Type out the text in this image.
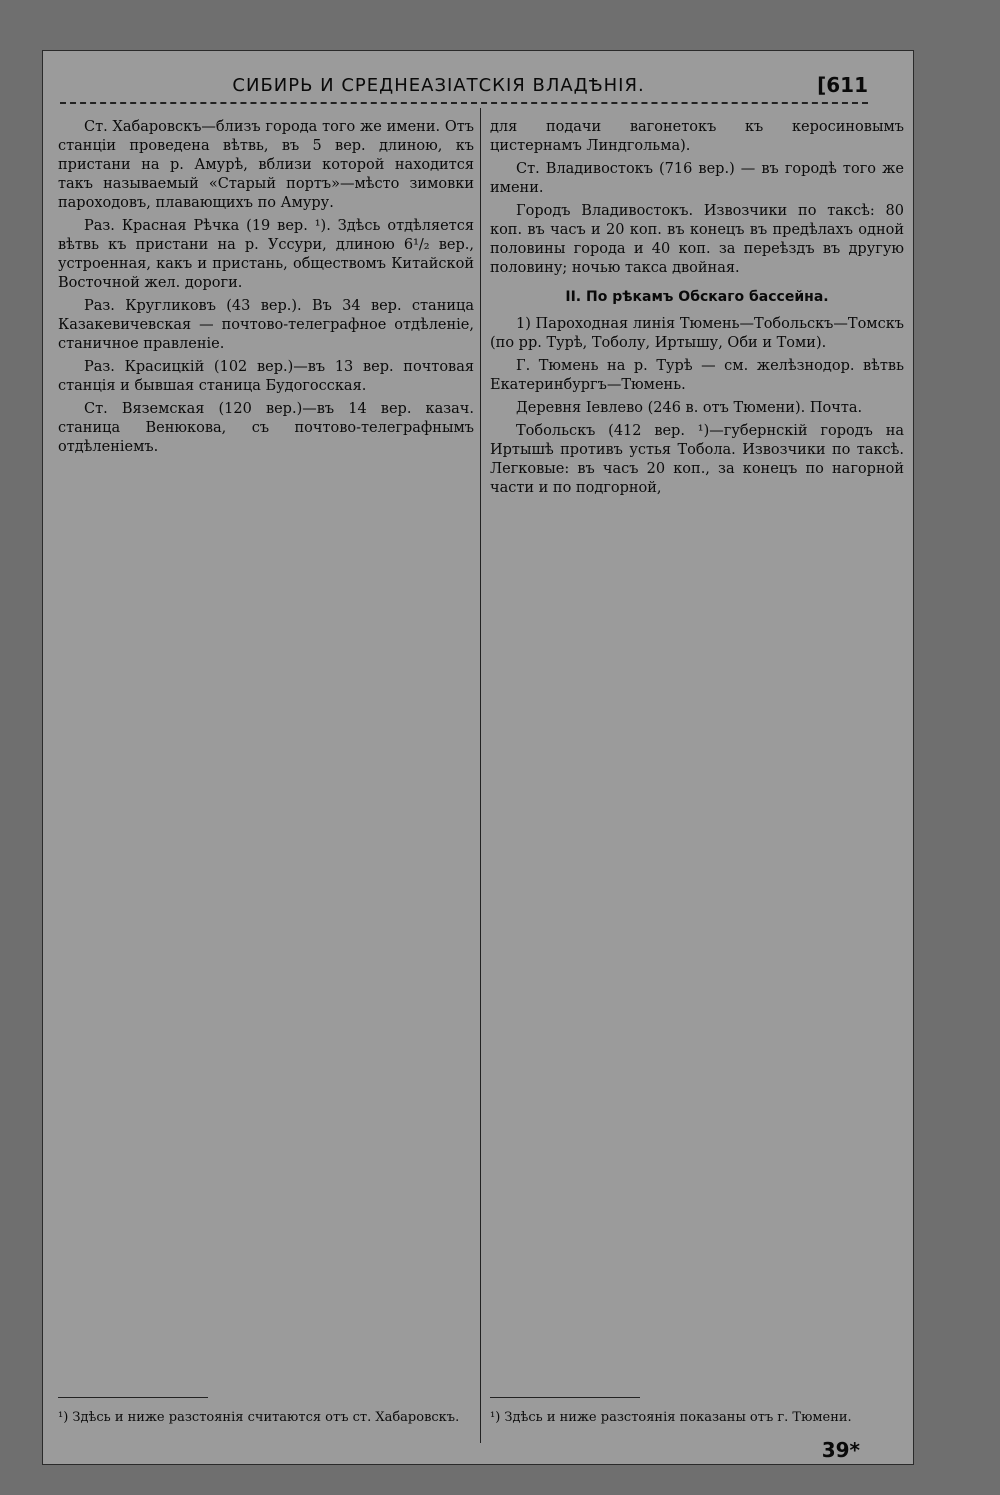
СИБИРЬ И СРЕДНЕАЗІАТСКІЯ ВЛАДѢНІЯ.	[611

Ст. Хабаровскъ—близъ города того же имени. Отъ станціи проведена вѣтвь, въ 5 вер. длиною, къ пристани на р. Амурѣ, вблизи которой находится такъ называемый «Старый портъ»—мѣсто зимовки пароходовъ, плавающихъ по Амуру.

Раз. Красная Рѣчка (19 вер. ¹). Здѣсь отдѣляется вѣтвь къ пристани на р. Уссури, длиною 6¹/₂ вер., устроенная, какъ и пристань, обществомъ Китайской Восточной жел. дороги.

Раз. Кругликовъ (43 вер.). Въ 34 вер. станица Казакевичевская — почтово-телеграфное отдѣленіе, станичное правленіе.

Раз. Красицкій (102 вер.)—въ 13 вер. почтовая станція и бывшая станица Будогосская.

Ст. Вяземская (120 вер.)—въ 14 вер. казач. станица Венюкова, съ почтово-телеграфнымъ отдѣленіемъ.

для подачи вагонетокъ къ керосиновымъ цистернамъ Линдгольма).

Ст. Владивостокъ (716 вер.) — въ городѣ того же имени.

Городъ Владивостокъ. Извозчики по таксѣ: 80 коп. въ часъ и 20 коп. въ конецъ въ предѣлахъ одной половины города и 40 коп. за переѣздъ въ другую половину; ночью такса двойная.

II. По рѣкамъ Обскаго бассейна.

1) Пароходная линія Тюмень—Тобольскъ—Томскъ (по рр. Турѣ, Тоболу, Иртышу, Оби и Томи).

Г. Тюмень на р. Турѣ — см. желѣзнодор. вѣтвь Екатеринбургъ—Тюмень.

Деревня Іевлево (246 в. отъ Тюмени). Почта.

Тобольскъ (412 вер. ¹)—губернскій городъ на Иртышѣ противъ устья Тобола. Извозчики по таксѣ. Легковые: въ часъ 20 коп., за конецъ по нагорной части и по подгорной,

¹) Здѣсь и ниже разстоянія считаются отъ ст. Хабаровскъ.	¹) Здѣсь и ниже разстоянія показаны отъ г. Тюмени.
39*
